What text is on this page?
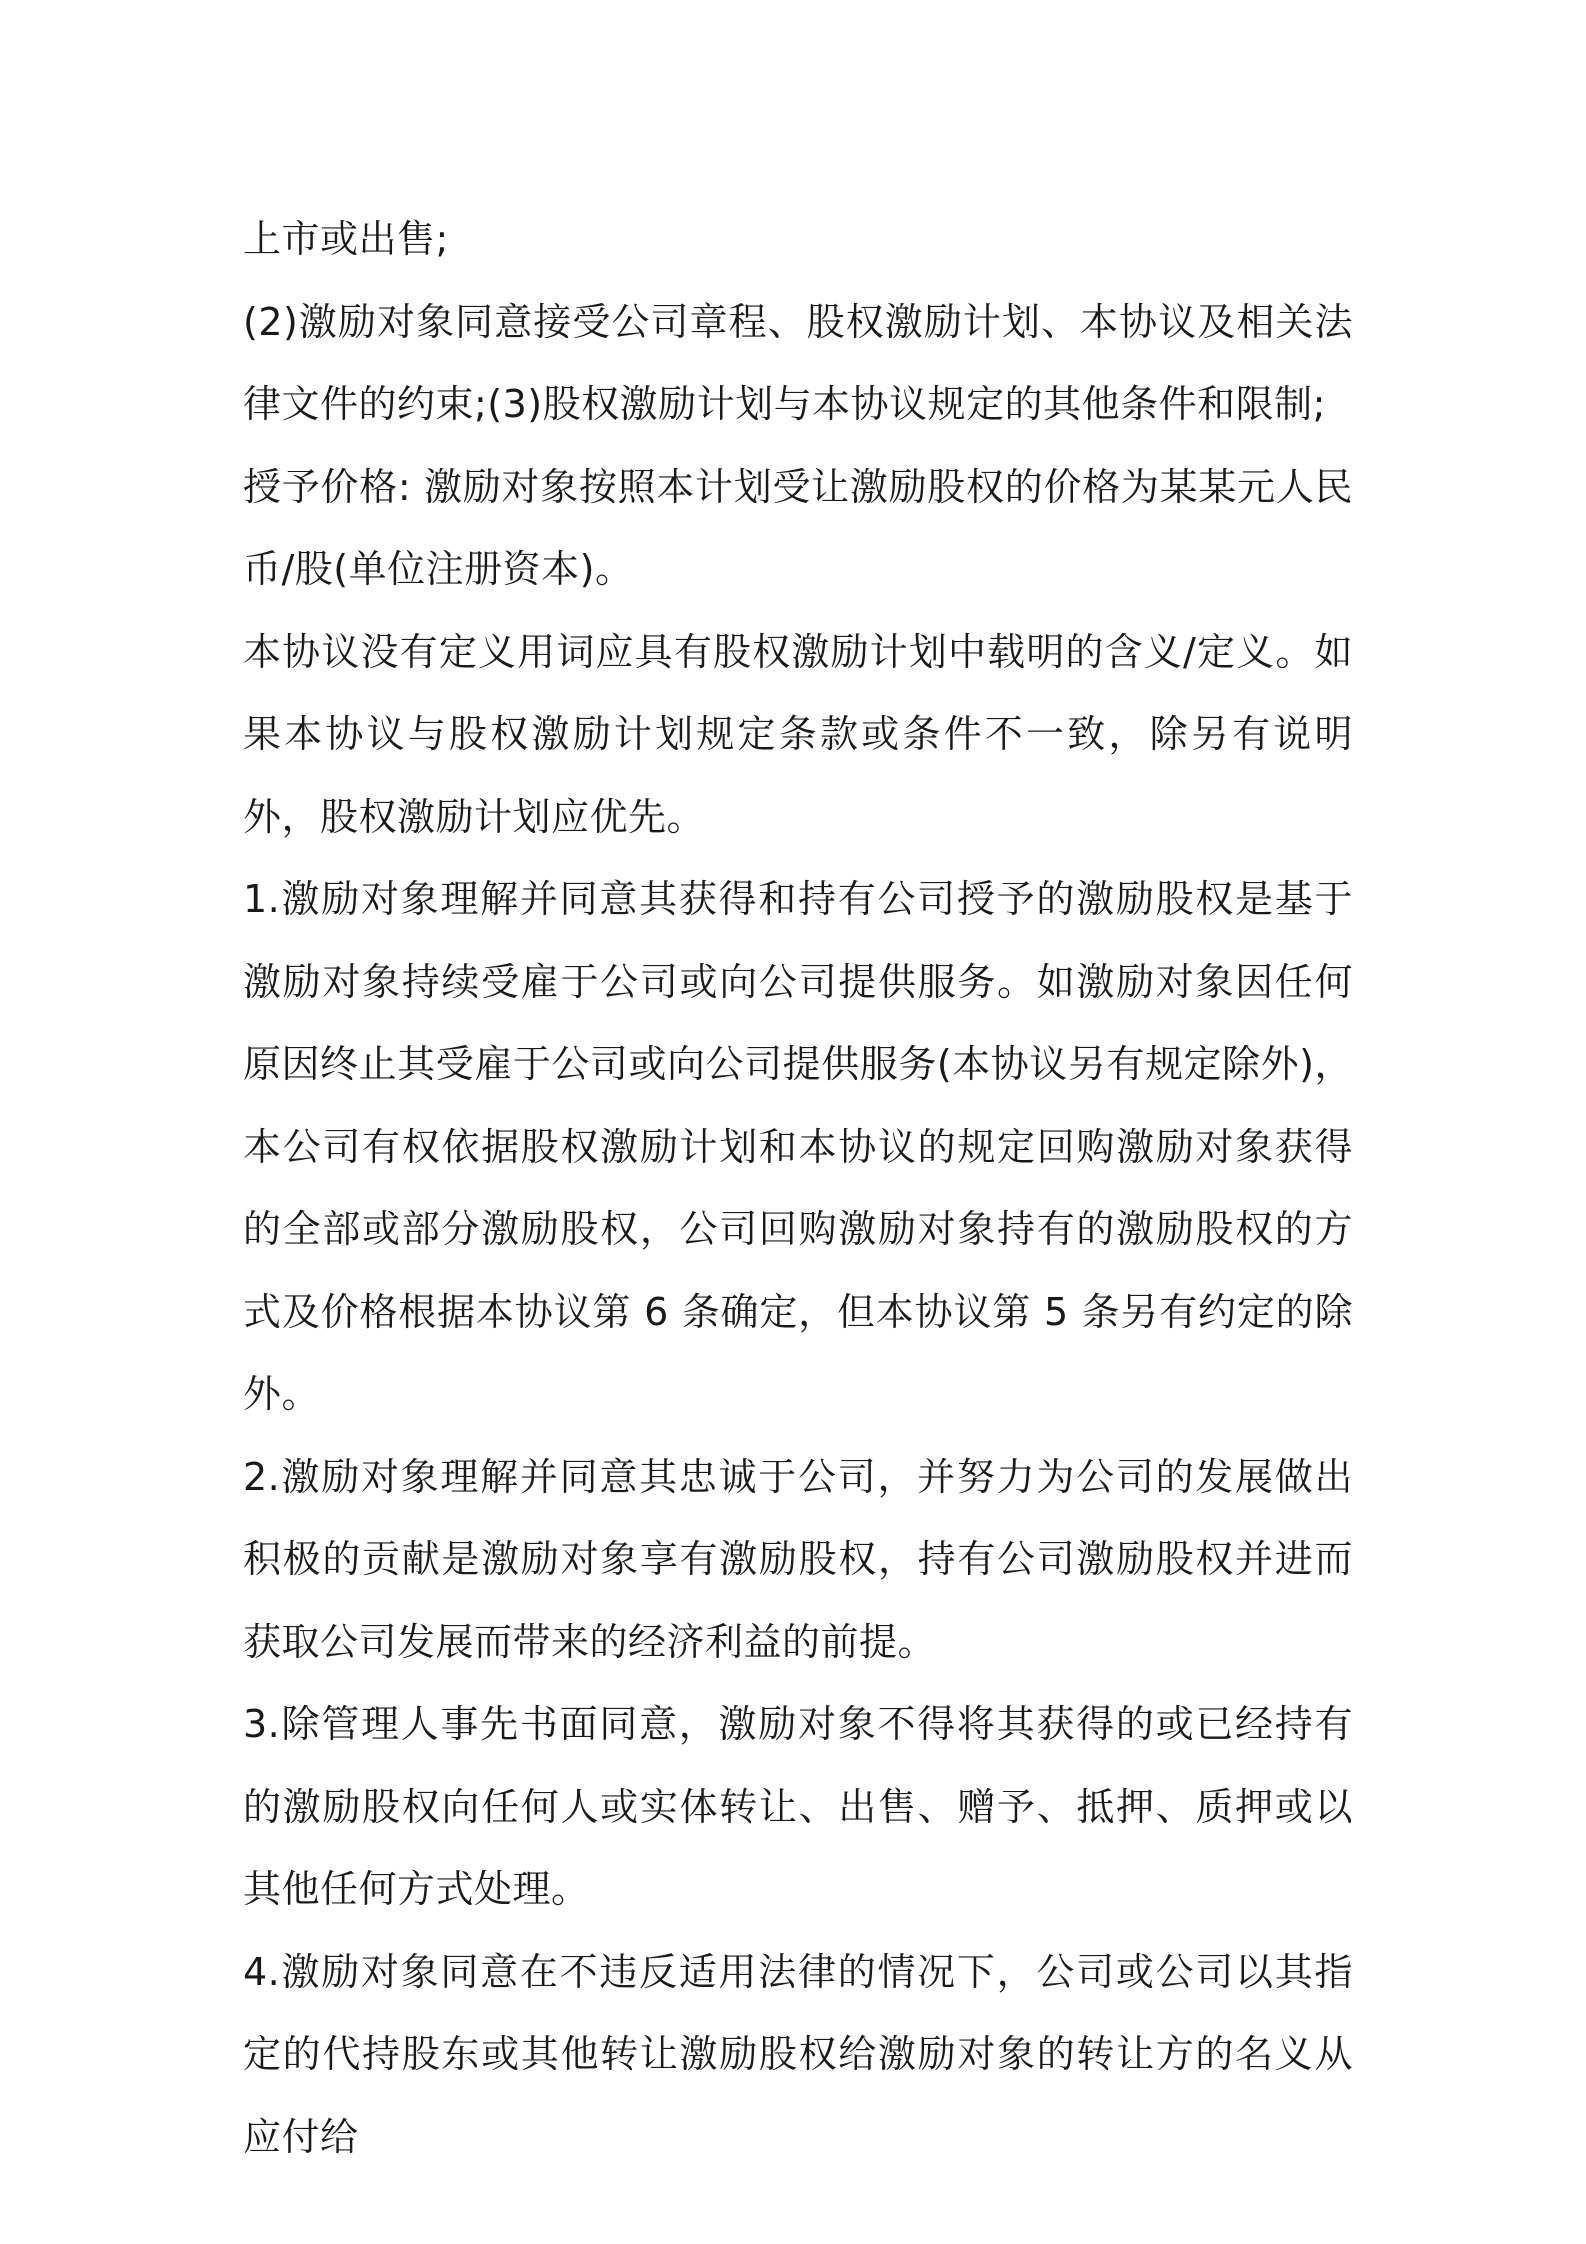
上市或出售;

(2)激励对象同意接受公司章程、股权激励计划、本协议及相关法律文件的约束;(3)股权激励计划与本协议规定的其他条件和限制;

授予价格: 激励对象按照本计划受让激励股权的价格为某某元人民币/股(单位注册资本)。

本协议没有定义用词应具有股权激励计划中载明的含义/定义。如果本协议与股权激励计划规定条款或条件不一致，除另有说明外，股权激励计划应优先。

1.激励对象理解并同意其获得和持有公司授予的激励股权是基于激励对象持续受雇于公司或向公司提供服务。如激励对象因任何原因终止其受雇于公司或向公司提供服务(本协议另有规定除外)，本公司有权依据股权激励计划和本协议的规定回购激励对象获得的全部或部分激励股权，公司回购激励对象持有的激励股权的方式及价格根据本协议第 6 条确定，但本协议第 5 条另有约定的除外。

2.激励对象理解并同意其忠诚于公司，并努力为公司的发展做出积极的贡献是激励对象享有激励股权，持有公司激励股权并进而获取公司发展而带来的经济利益的前提。

3.除管理人事先书面同意，激励对象不得将其获得的或已经持有的激励股权向任何人或实体转让、出售、赠予、抵押、质押或以其他任何方式处理。

4.激励对象同意在不违反适用法律的情况下，公司或公司以其指定的代持股东或其他转让激励股权给激励对象的转让方的名义从应付给
